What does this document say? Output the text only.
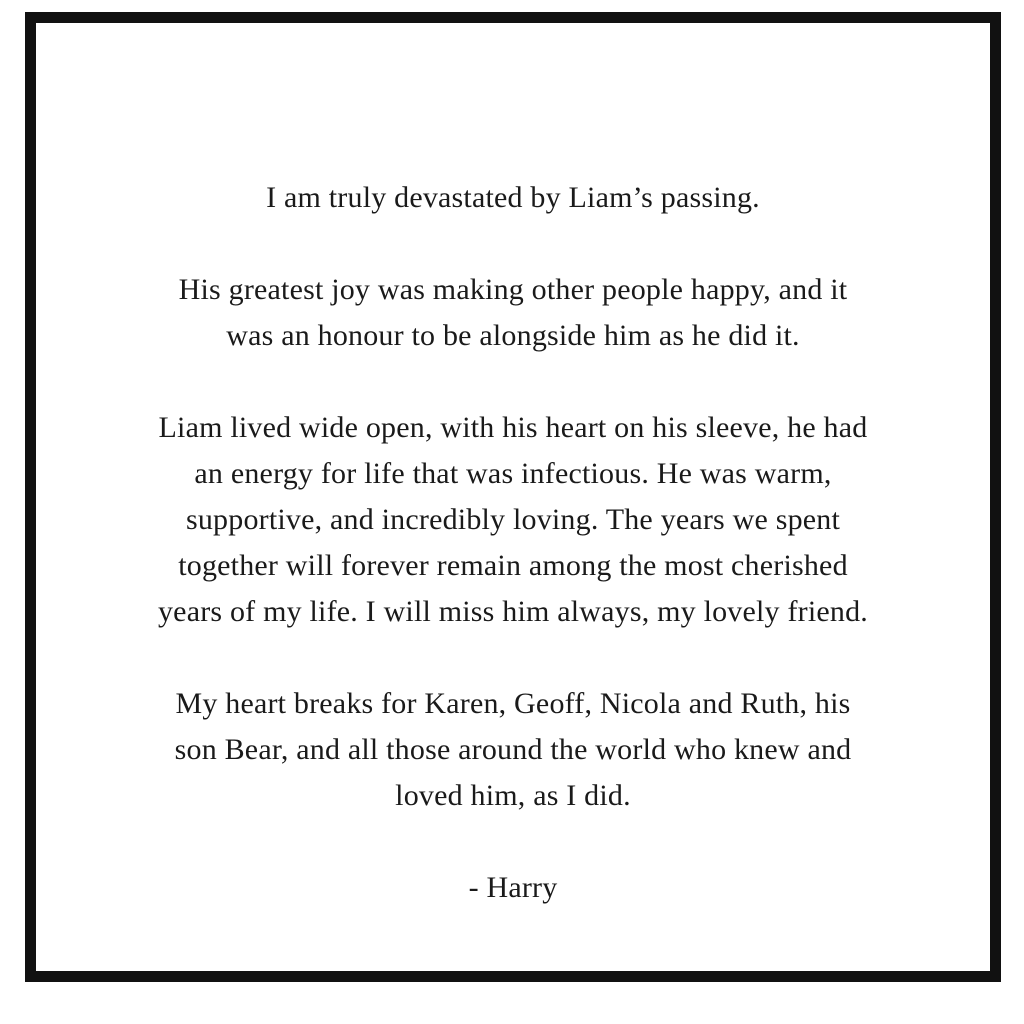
I am truly devastated by Liam’s passing.

His greatest joy was making other people happy, and it
was an honour to be alongside him as he did it.

Liam lived wide open, with his heart on his sleeve, he had
an energy for life that was infectious. He was warm,
supportive, and incredibly loving. The years we spent
together will forever remain among the most cherished
years of my life. I will miss him always, my lovely friend.

My heart breaks for Karen, Geoff, Nicola and Ruth, his
son Bear, and all those around the world who knew and
loved him, as I did.

- Harry
